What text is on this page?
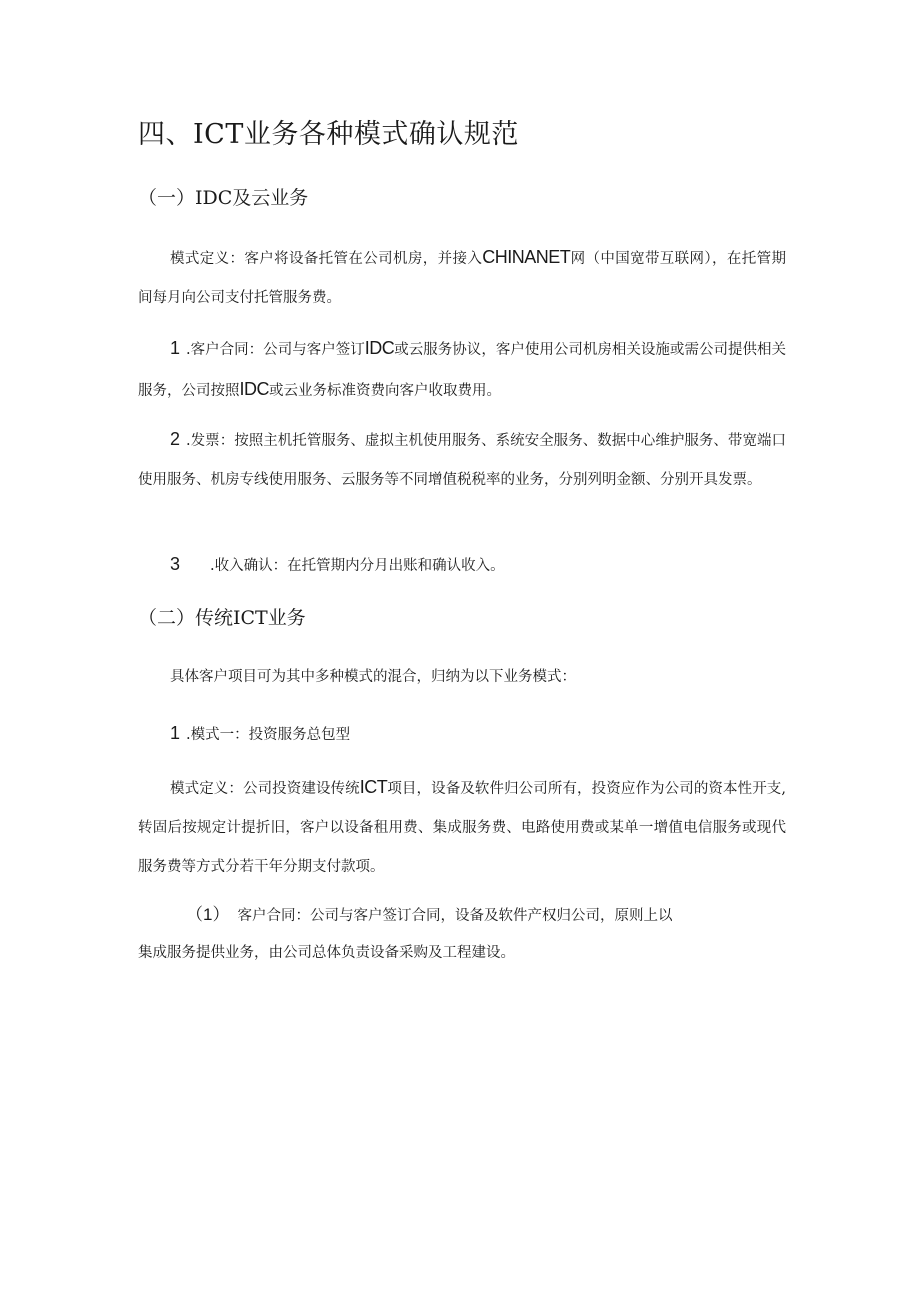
四、ICT业务各种模式确认规范
（一）IDC及云业务
模式定义：客户将设备托管在公司机房，并接入CHINANET网（中国宽带互联网），在托管期间每月向公司支付托管服务费。
1 .客户合同：公司与客户签订IDC或云服务协议，客户使用公司机房相关设施或需公司提供相关服务，公司按照IDC或云业务标准资费向客户收取费用。
2 .发票：按照主机托管服务、虚拟主机使用服务、系统安全服务、数据中心维护服务、带宽端口使用服务、机房专线使用服务、云服务等不同增值税税率的业务，分别列明金额、分别开具发票。
3 .收入确认：在托管期内分月出账和确认收入。
（二）传统ICT业务
具体客户项目可为其中多种模式的混合，归纳为以下业务模式：
1 .模式一：投资服务总包型
模式定义：公司投资建设传统ICT项目，设备及软件归公司所有，投资应作为公司的资本性开支,转固后按规定计提折旧，客户以设备租用费、集成服务费、电路使用费或某单一增值电信服务或现代服务费等方式分若干年分期支付款项。
（1） 客户合同：公司与客户签订合同，设备及软件产权归公司，原则上以
集成服务提供业务，由公司总体负责设备采购及工程建设。
